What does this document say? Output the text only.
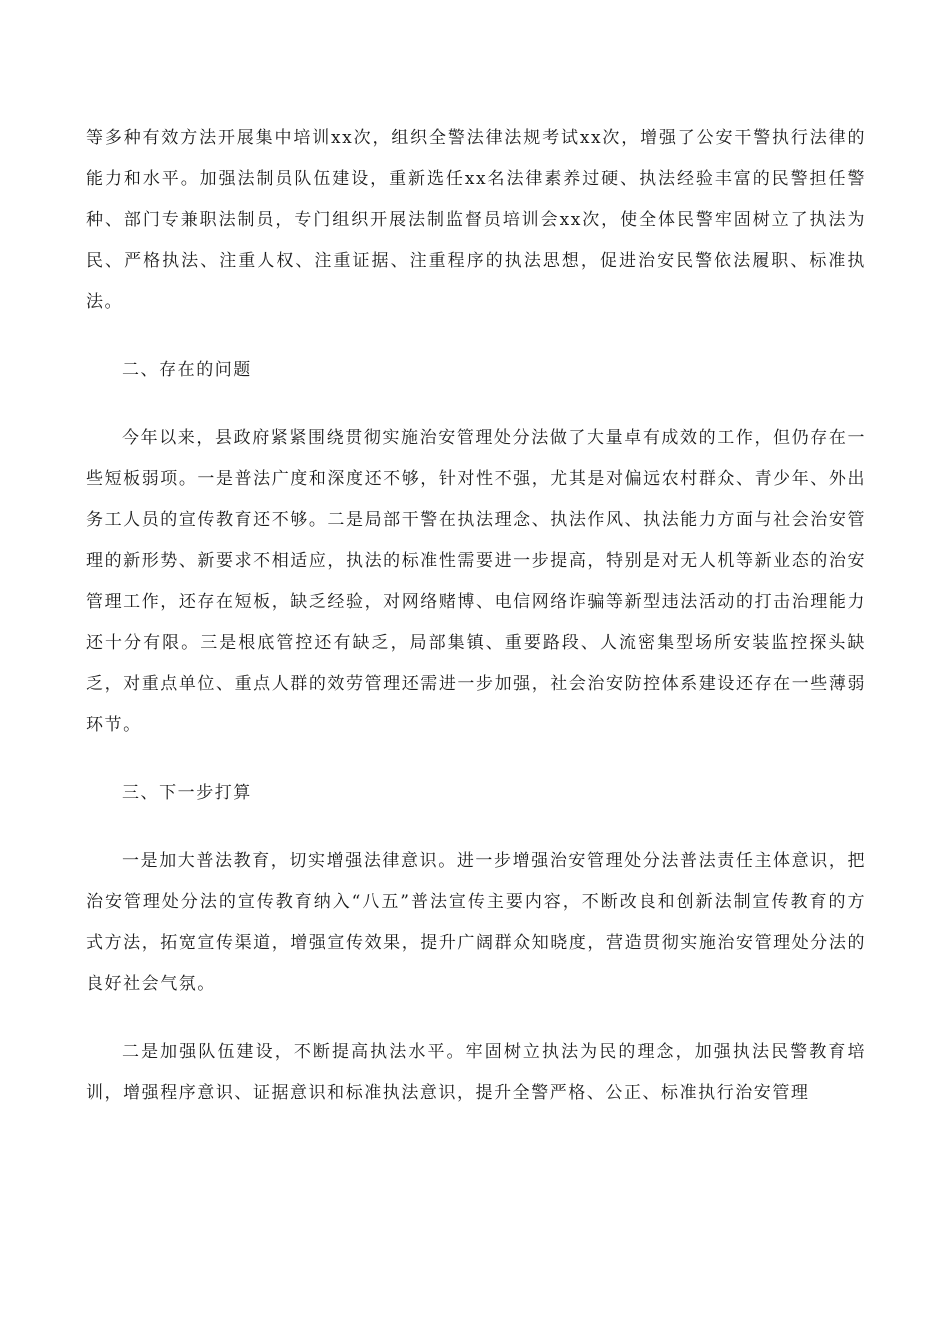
等多种有效方法开展集中培训xx次，组织全警法律法规考试xx次，增强了公安干警执行法律的能力和水平。加强法制员队伍建设，重新选任xx名法律素养过硬、执法经验丰富的民警担任警种、部门专兼职法制员，专门组织开展法制监督员培训会xx次，使全体民警牢固树立了执法为民、严格执法、注重人权、注重证据、注重程序的执法思想，促进治安民警依法履职、标准执法。

二、存在的问题

今年以来，县政府紧紧围绕贯彻实施治安管理处分法做了大量卓有成效的工作，但仍存在一些短板弱项。一是普法广度和深度还不够，针对性不强，尤其是对偏远农村群众、青少年、外出务工人员的宣传教育还不够。二是局部干警在执法理念、执法作风、执法能力方面与社会治安管理的新形势、新要求不相适应，执法的标准性需要进一步提高，特别是对无人机等新业态的治安管理工作，还存在短板，缺乏经验，对网络赌博、电信网络诈骗等新型违法活动的打击治理能力还十分有限。三是根底管控还有缺乏，局部集镇、重要路段、人流密集型场所安装监控探头缺乏，对重点单位、重点人群的效劳管理还需进一步加强，社会治安防控体系建设还存在一些薄弱环节。

三、下一步打算

一是加大普法教育，切实增强法律意识。进一步增强治安管理处分法普法责任主体意识，把治安管理处分法的宣传教育纳入“八五”普法宣传主要内容，不断改良和创新法制宣传教育的方式方法，拓宽宣传渠道，增强宣传效果，提升广阔群众知晓度，营造贯彻实施治安管理处分法的良好社会气氛。

二是加强队伍建设，不断提高执法水平。牢固树立执法为民的理念，加强执法民警教育培训，增强程序意识、证据意识和标准执法意识，提升全警严格、公正、标准执行治安管理
